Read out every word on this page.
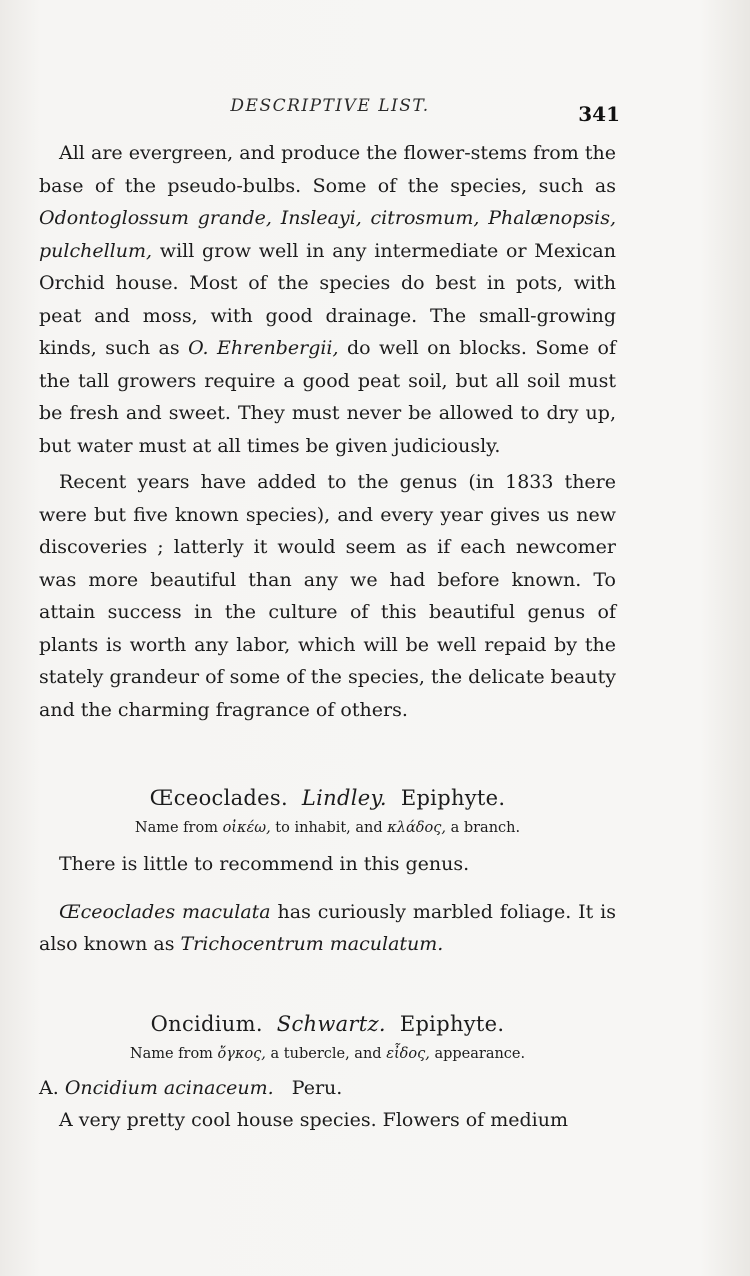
DESCRIPTIVE LIST.	341

All are evergreen, and produce the flower-stems from the base of the pseudo-bulbs. Some of the species, such as Odontoglossum grande, Insleayi, citrosmum, Phalænopsis, pulchellum, will grow well in any intermediate or Mexican Orchid house. Most of the species do best in pots, with peat and moss, with good drainage. The small-growing kinds, such as O. Ehrenbergii, do well on blocks. Some of the tall growers require a good peat soil, but all soil must be fresh and sweet. They must never be allowed to dry up, but water must at all times be given judiciously.

Recent years have added to the genus (in 1833 there were but five known species), and every year gives us new discoveries ; latterly it would seem as if each newcomer was more beautiful than any we had before known. To attain success in the culture of this beautiful genus of plants is worth any labor, which will be well repaid by the stately grandeur of some of the species, the delicate beauty and the charming fragrance of others.

Œceoclades. Lindley. Epiphyte.
Name from οἰκέω, to inhabit, and κλάδος, a branch.

There is little to recommend in this genus.

Œceoclades maculata has curiously marbled foliage. It is also known as Trichocentrum maculatum.

Oncidium. Schwartz. Epiphyte.
Name from ὄγκος, a tubercle, and εἶδος, appearance.

A. Oncidium acinaceum. Peru.

A very pretty cool house species. Flowers of medium
